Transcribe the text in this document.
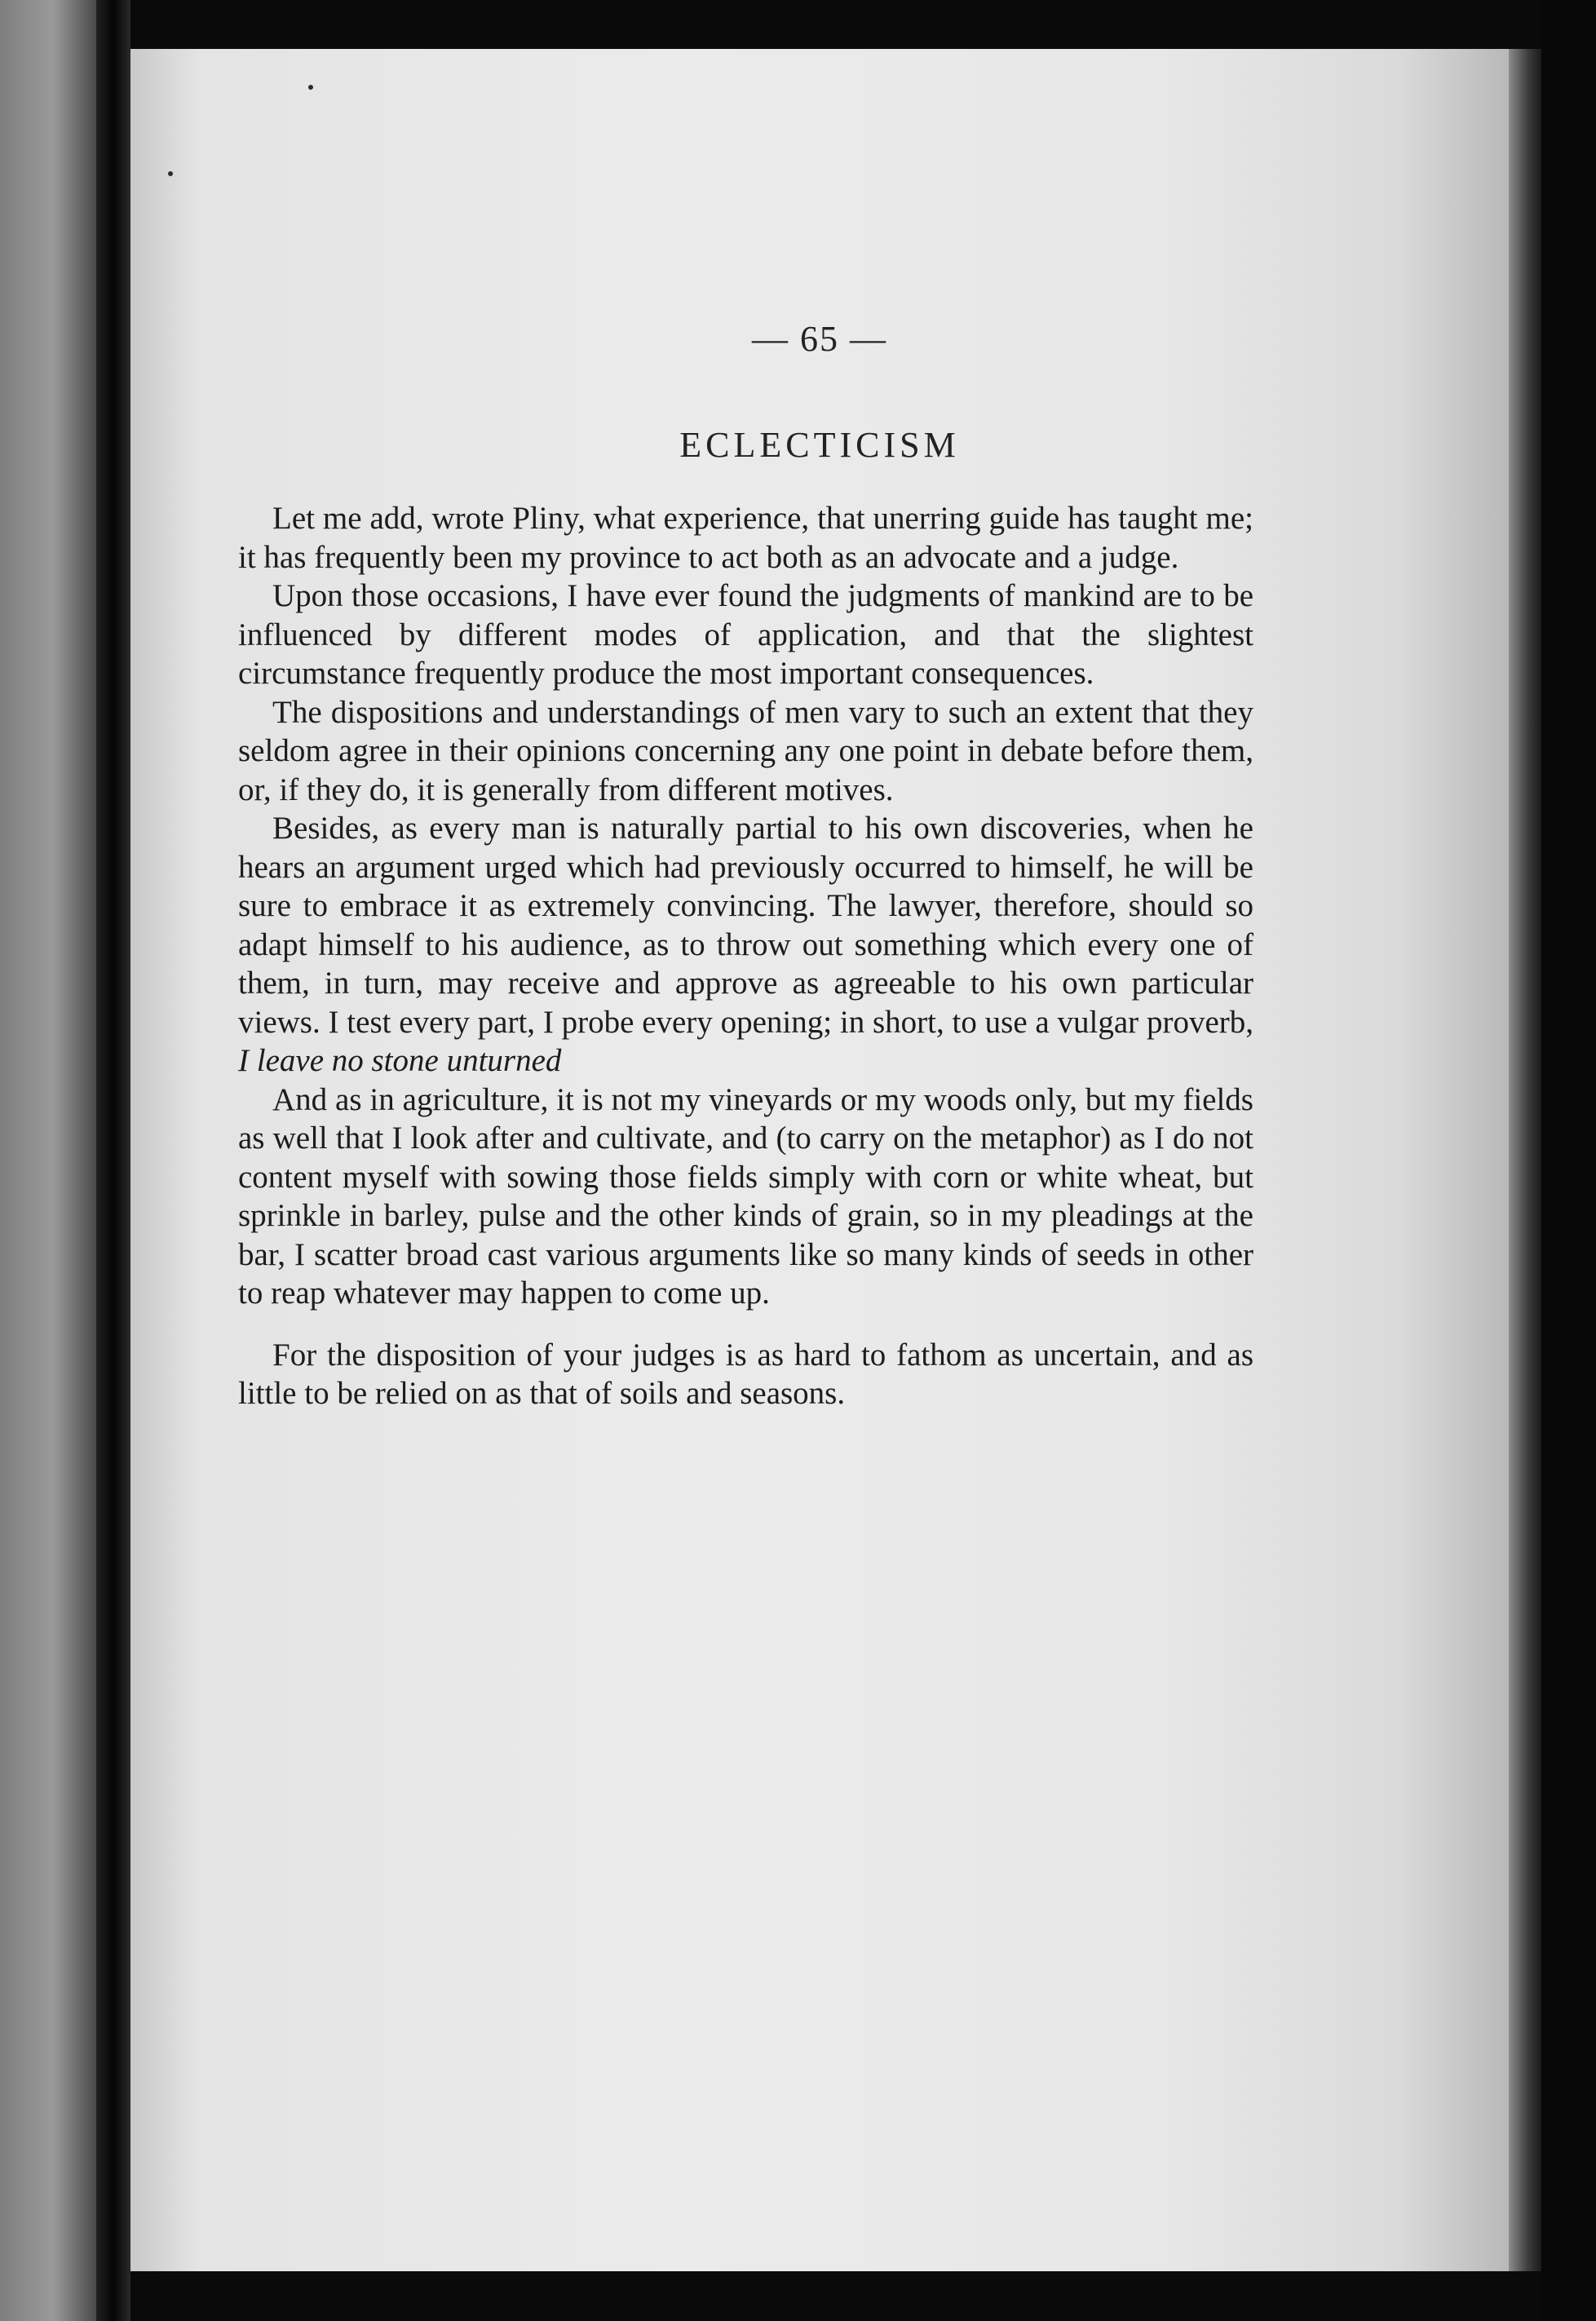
— 65 —
ECLECTICISM

Let me add, wrote Pliny, what experience, that unerring guide has taught me; it has frequently been my province to act both as an advocate and a judge.

Upon those occasions, I have ever found the judgments of mankind are to be influenced by different modes of application, and that the slightest circumstance frequently produce the most important consequences.

The dispositions and understandings of men vary to such an extent that they seldom agree in their opinions concerning any one point in debate before them, or, if they do, it is generally from different motives.

Besides, as every man is naturally partial to his own discoveries, when he hears an argument urged which had previously occurred to himself, he will be sure to embrace it as extremely convincing. The lawyer, therefore, should so adapt himself to his audience, as to throw out something which every one of them, in turn, may receive and approve as agreeable to his own particular views. I test every part, I probe every opening; in short, to use a vulgar proverb, I leave no stone unturned

And as in agriculture, it is not my vineyards or my woods only, but my fields as well that I look after and cultivate, and (to carry on the metaphor) as I do not content myself with sowing those fields simply with corn or white wheat, but sprinkle in barley, pulse and the other kinds of grain, so in my pleadings at the bar, I scatter broad cast various arguments like so many kinds of seeds in other to reap whatever may happen to come up.

For the disposition of your judges is as hard to fathom as uncertain, and as little to be relied on as that of soils and seasons.
